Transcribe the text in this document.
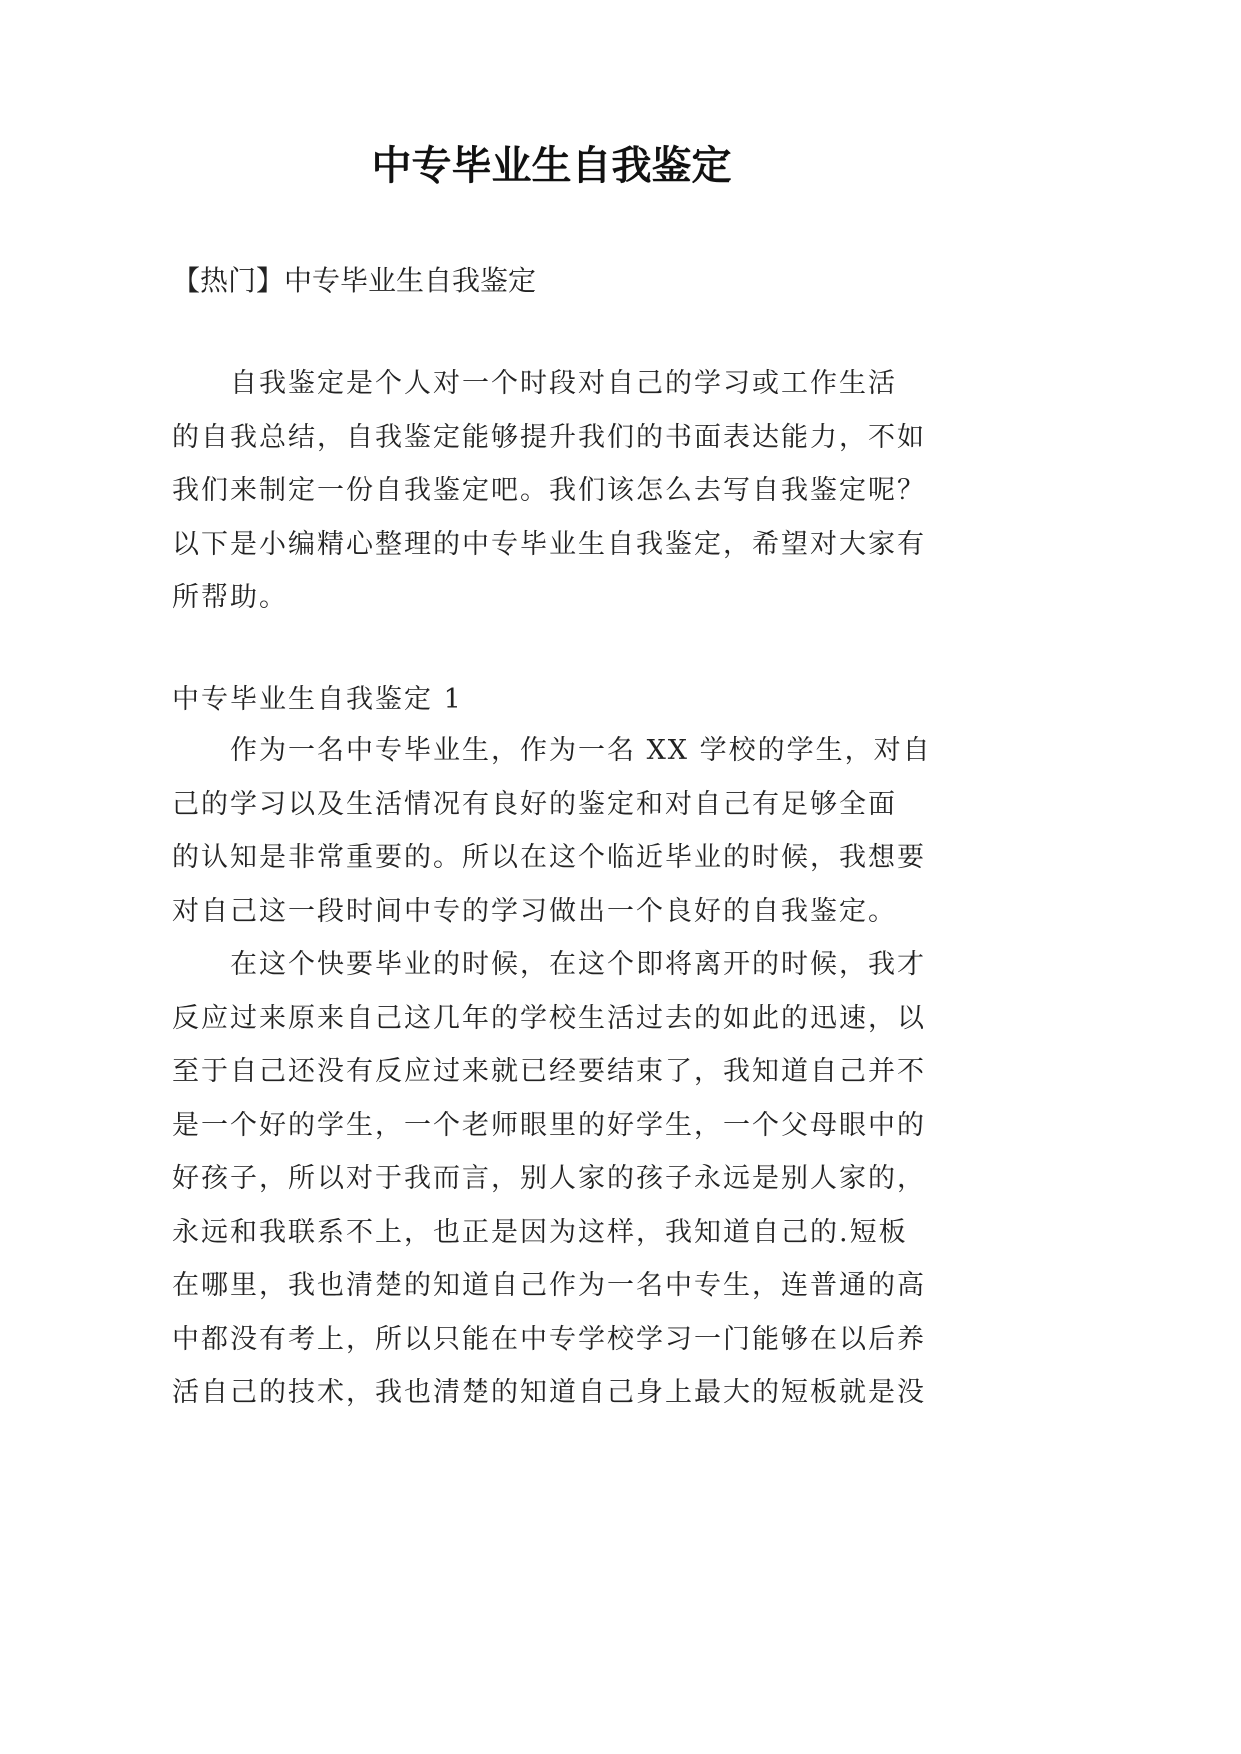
中专毕业生自我鉴定
【热门】中专毕业生自我鉴定
　　自我鉴定是个人对一个时段对自己的学习或工作生活
的自我总结，自我鉴定能够提升我们的书面表达能力，不如
我们来制定一份自我鉴定吧。我们该怎么去写自我鉴定呢？
以下是小编精心整理的中专毕业生自我鉴定，希望对大家有
所帮助。
中专毕业生自我鉴定 1
　　作为一名中专毕业生，作为一名 XX 学校的学生，对自
己的学习以及生活情况有良好的鉴定和对自己有足够全面
的认知是非常重要的。所以在这个临近毕业的时候，我想要
对自己这一段时间中专的学习做出一个良好的自我鉴定。
　　在这个快要毕业的时候，在这个即将离开的时候，我才
反应过来原来自己这几年的学校生活过去的如此的迅速，以
至于自己还没有反应过来就已经要结束了，我知道自己并不
是一个好的学生，一个老师眼里的好学生，一个父母眼中的
好孩子，所以对于我而言，别人家的孩子永远是别人家的，
永远和我联系不上，也正是因为这样，我知道自己的.短板
在哪里，我也清楚的知道自己作为一名中专生，连普通的高
中都没有考上，所以只能在中专学校学习一门能够在以后养
活自己的技术，我也清楚的知道自己身上最大的短板就是没
